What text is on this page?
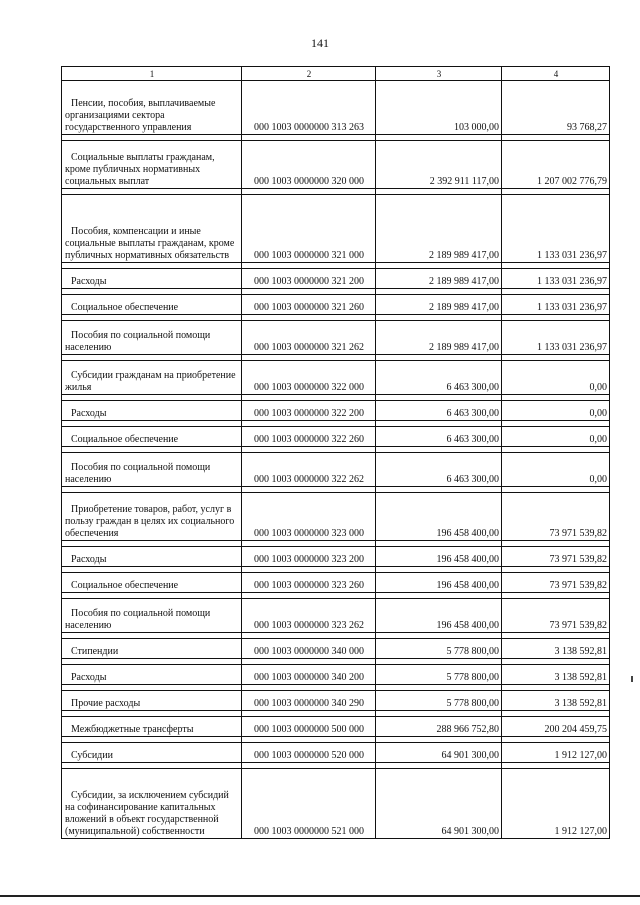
141
1	2	3	4
Пенсии, пособия, выплачиваемые организациями сектора государственного управления	000 1003 0000000 313 263	103 000,00	93 768,27

Социальные выплаты гражданам, кроме публичных нормативных социальных выплат	000 1003 0000000 320 000	2 392 911 117,00	1 207 002 776,79

Пособия, компенсации и иные социальные выплаты гражданам, кроме публичных нормативных обязательств	000 1003 0000000 321 000	2 189 989 417,00	1 133 031 236,97

Расходы	000 1003 0000000 321 200	2 189 989 417,00	1 133 031 236,97

Социальное обеспечение	000 1003 0000000 321 260	2 189 989 417,00	1 133 031 236,97

Пособия по социальной помощи населению	000 1003 0000000 321 262	2 189 989 417,00	1 133 031 236,97

Субсидии гражданам на приобретение жилья	000 1003 0000000 322 000	6 463 300,00	0,00

Расходы	000 1003 0000000 322 200	6 463 300,00	0,00

Социальное обеспечение	000 1003 0000000 322 260	6 463 300,00	0,00

Пособия по социальной помощи населению	000 1003 0000000 322 262	6 463 300,00	0,00

Приобретение товаров, работ, услуг в пользу граждан в целях их социального обеспечения	000 1003 0000000 323 000	196 458 400,00	73 971 539,82

Расходы	000 1003 0000000 323 200	196 458 400,00	73 971 539,82

Социальное обеспечение	000 1003 0000000 323 260	196 458 400,00	73 971 539,82

Пособия по социальной помощи населению	000 1003 0000000 323 262	196 458 400,00	73 971 539,82

Стипендии	000 1003 0000000 340 000	5 778 800,00	3 138 592,81

Расходы	000 1003 0000000 340 200	5 778 800,00	3 138 592,81

Прочие расходы	000 1003 0000000 340 290	5 778 800,00	3 138 592,81

Межбюджетные трансферты	000 1003 0000000 500 000	288 966 752,80	200 204 459,75

Субсидии	000 1003 0000000 520 000	64 901 300,00	1 912 127,00

Субсидии, за исключением субсидий на софинансирование капитальных вложений в объект государственной (муниципальной) собственности	000 1003 0000000 521 000	64 901 300,00	1 912 127,00
